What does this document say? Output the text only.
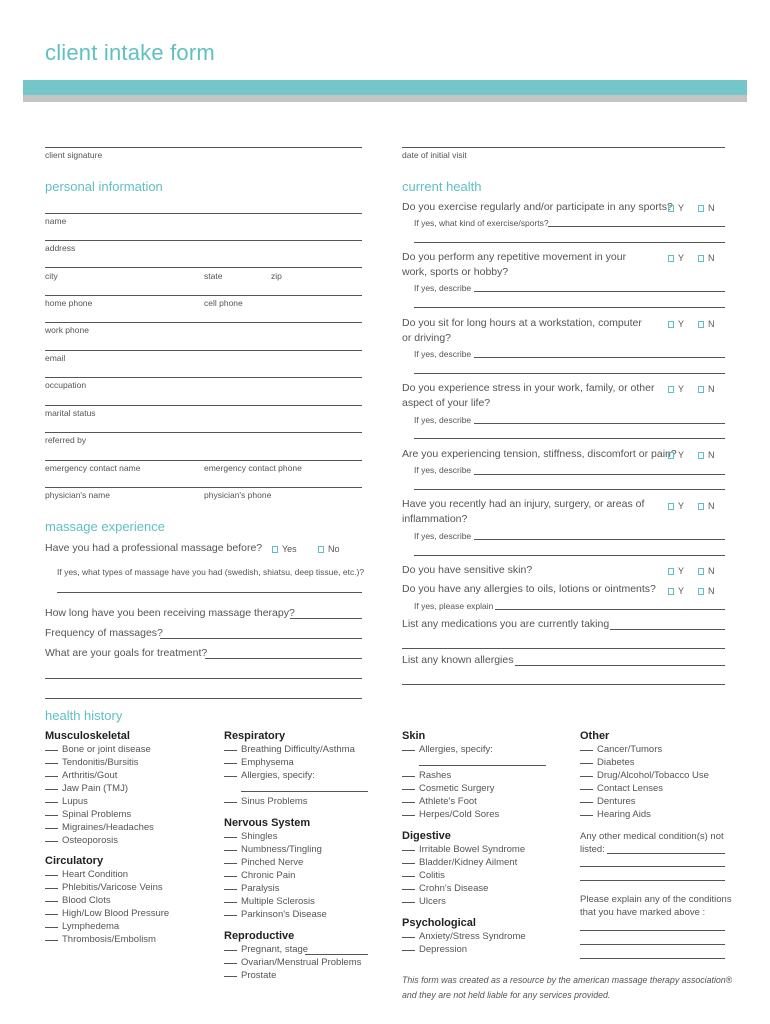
client intake form
client signature	date of initial visit
personal information
name
address
city	state	zip
home phone	cell phone
work phone
email
occupation
marital status
referred by
emergency contact name	emergency contact phone
physician's name	physician's phone
massage experience
Have you had a professional massage before?	Yes	No
If yes, what types of massage have you had (swedish, shiatsu, deep tissue, etc.)?
How long have you been receiving massage therapy?
Frequency of massages?
What are your goals for treatment?
current health
Do you exercise regularly and/or participate in any sports? Y	N
If yes, what kind of exercise/sports?
Do you perform any repetitive movement in your
work, sports or hobby?
Y	N
If yes, describe
Do you sit for long hours at a workstation, computer
or driving?
Y	N
If yes, describe
Do you experience stress in your work, family, or other
aspect of your life?
Y	N
If yes, describe
Are you experiencing tension, stiffness, discomfort or pain? Y	N
If yes, describe
Have you recently had an injury, surgery, or areas of
inflammation?
Y	N
If yes, describe
Do you have sensitive skin?	Y	N
Do you have any allergies to oils, lotions or ointments?	Y	N
If yes, please explain
List any medications you are currently taking
List any known allergies
health history
Musculoskeletal
Bone or joint disease
Tendonitis/Bursitis
Arthritis/Gout
Jaw Pain (TMJ)
Lupus
Spinal Problems
Migraines/Headaches
Osteoporosis
Circulatory
Heart Condition
Phlebitis/Varicose Veins
Blood Clots
High/Low Blood Pressure
Lymphedema
Thrombosis/Embolism
Respiratory
Breathing Difficulty/Asthma
Emphysema
Allergies, specify:
Sinus Problems
Nervous System
Shingles
Numbness/Tingling
Pinched Nerve
Chronic Pain
Paralysis
Multiple Sclerosis
Parkinson's Disease
Reproductive
Pregnant, stage
Ovarian/Menstrual Problems
Prostate
Skin
Allergies, specify:
Rashes
Cosmetic Surgery
Athlete's Foot
Herpes/Cold Sores
Digestive
Irritable Bowel Syndrome
Bladder/Kidney Ailment
Colitis
Crohn's Disease
Ulcers
Psychological
Anxiety/Stress Syndrome
Depression
Other
Cancer/Tumors
Diabetes
Drug/Alcohol/Tobacco Use
Contact Lenses
Dentures
Hearing Aids
Any other medical condition(s) not
listed:
Please explain any of the conditions
that you have marked above :
This form was created as a resource by the american massage therapy association®
and they are not held liable for any services provided.
